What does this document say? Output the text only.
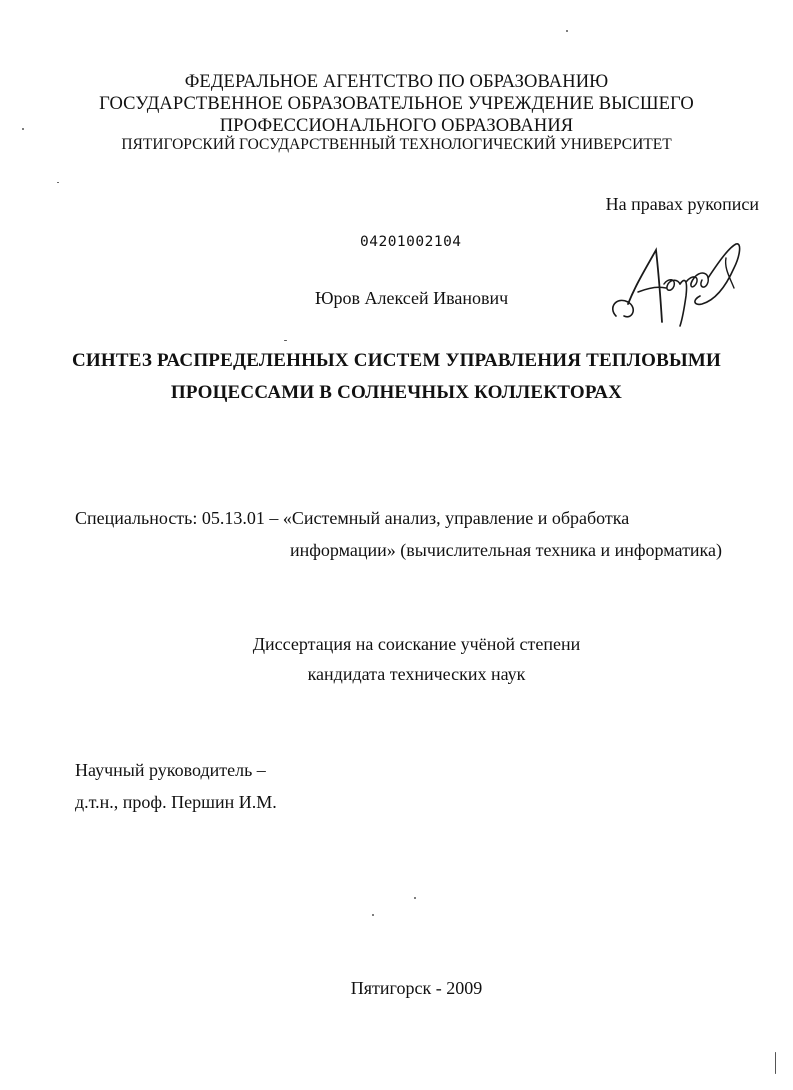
ФЕДЕРАЛЬНОЕ АГЕНТСТВО ПО ОБРАЗОВАНИЮ
ГОСУДАРСТВЕННОЕ ОБРАЗОВАТЕЛЬНОЕ УЧРЕЖДЕНИЕ ВЫСШЕГО
ПРОФЕССИОНАЛЬНОГО ОБРАЗОВАНИЯ
ПЯТИГОРСКИЙ ГОСУДАРСТВЕННЫЙ ТЕХНОЛОГИЧЕСКИЙ УНИВЕРСИТЕТ
На правах рукописи
04201002104
Юров Алексей Иванович
СИНТЕЗ РАСПРЕДЕЛЕННЫХ СИСТЕМ УПРАВЛЕНИЯ ТЕПЛОВЫМИ
ПРОЦЕССАМИ В СОЛНЕЧНЫХ КОЛЛЕКТОРАХ
Специальность: 05.13.01 – «Системный анализ, управление и обработка
информации» (вычислительная техника и информатика)
Диссертация на соискание учёной степени
кандидата технических наук
Научный руководитель –
д.т.н., проф. Першин И.М.
Пятигорск - 2009
